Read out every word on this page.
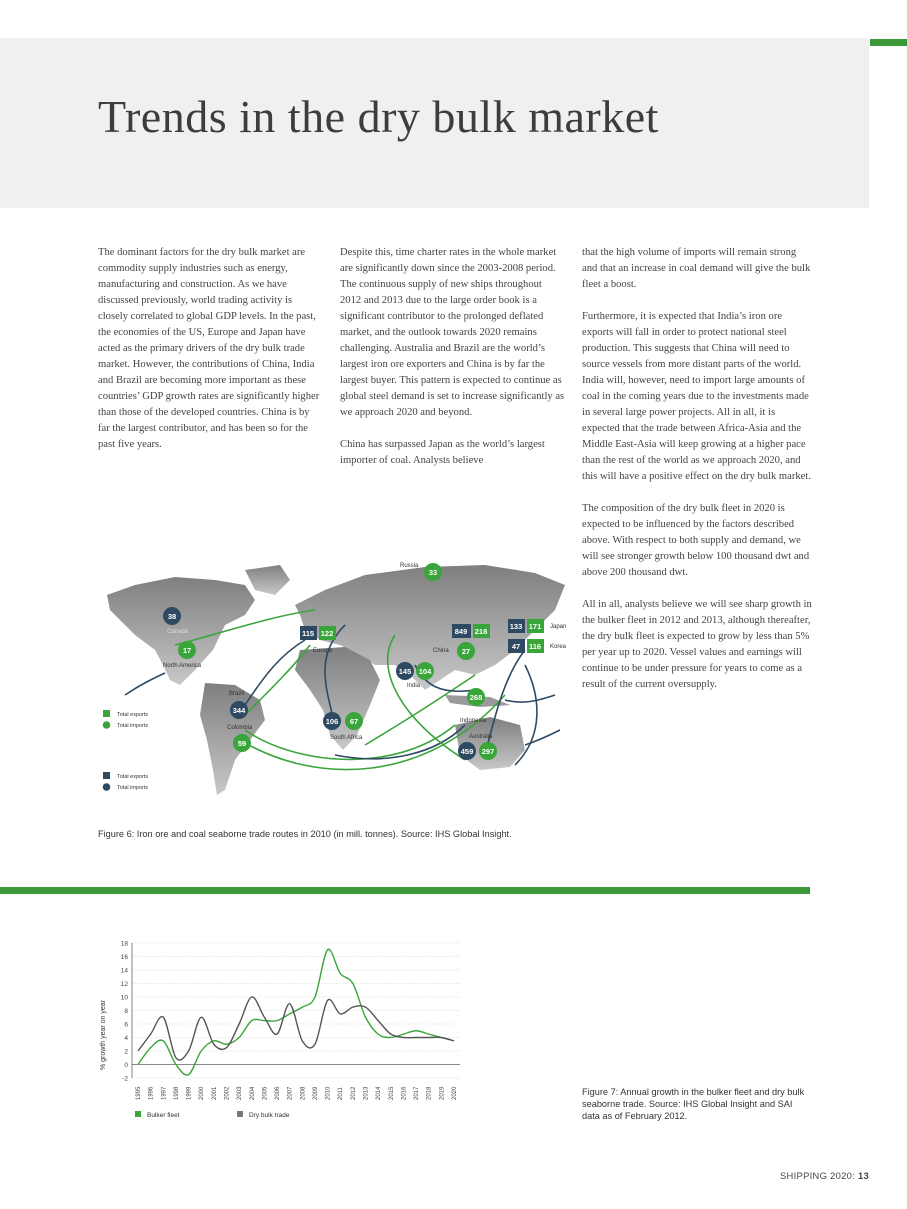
Trends in the dry bulk market

The dominant factors for the dry bulk market are commodity supply industries such as energy, manufacturing and construction. As we have discussed previously, world trading activity is closely correlated to global GDP levels. In the past, the economies of the US, Europe and Japan have acted as the primary drivers of the dry bulk trade market. However, the contributions of China, India and Brazil are becoming more important as these countries’ GDP growth rates are significantly higher than those of the developed countries. China is by far the largest contributor, and has been so for the past five years.

Despite this, time charter rates in the whole market are significantly down since the 2003-2008 period. The continuous supply of new ships throughout 2012 and 2013 due to the large order book is a significant contributor to the prolonged deflated market, and the outlook towards 2020 remains challenging. Australia and Brazil are the world’s largest iron ore exporters and China is by far the largest buyer. This pattern is expected to continue as global steel demand is set to increase significantly as we approach 2020 and beyond.

China has surpassed Japan as the world’s largest importer of coal. Analysts believe

that the high volume of imports will remain strong and that an increase in coal demand will give the bulk fleet a boost.

Furthermore, it is expected that India’s iron ore exports will fall in order to protect national steel production. This suggests that China will need to source vessels from more distant parts of the world. India will, however, need to import large amounts of coal in the coming years due to the investments made in several large power projects. All in all, it is expected that the trade between Africa-Asia and the Middle East-Asia will keep growing at a higher pace than the rest of the world as we approach 2020, and this will have a positive effect on the dry bulk market.

The composition of the dry bulk fleet in 2020 is expected to be influenced by the factors described above. With respect to both supply and demand, we will see stronger growth below 100 thousand dwt and above 200 thousand dwt.

All in all, analysts believe we will see sharp growth in the bulker fleet in 2012 and 2013, although thereafter, the dry bulk fleet is expected to grow by less than 5% per year up to 2020. Vessel values and earnings will continue to be under pressure for years to come as a result of the current oversupply.

Russia
Canada
North America
Europe	China
Japan
Korea
India
Brazil
Colombia
South Africa
Indonesia
Australia
33
38
17
115 122	849 218
27
133 171
47 116
145 104
268
344
59
106 67
459 297
Total exports
Total imports
Total exports
Total imports
Figure 6: Iron ore and coal seaborne trade routes in 2010 (in mill. tonnes). Source: IHS Global Insight.
18
16
14
12
10
8
6
4
2
0
-2
1995 1996 1997 1998 1999 2000 2001 2002 2003 2004 2005 2006 2007 2008 2009 2010 2011 2012 2013 2014 2015 2016 2017 2018 2019 2020
% growth year on year
Bulker fleet	Dry bulk trade
Figure 7: Annual growth in the bulker fleet and dry bulk seaborne trade. Source: IHS Global Insight and SAI data as of February 2012.
SHIPPING 2020: 13
